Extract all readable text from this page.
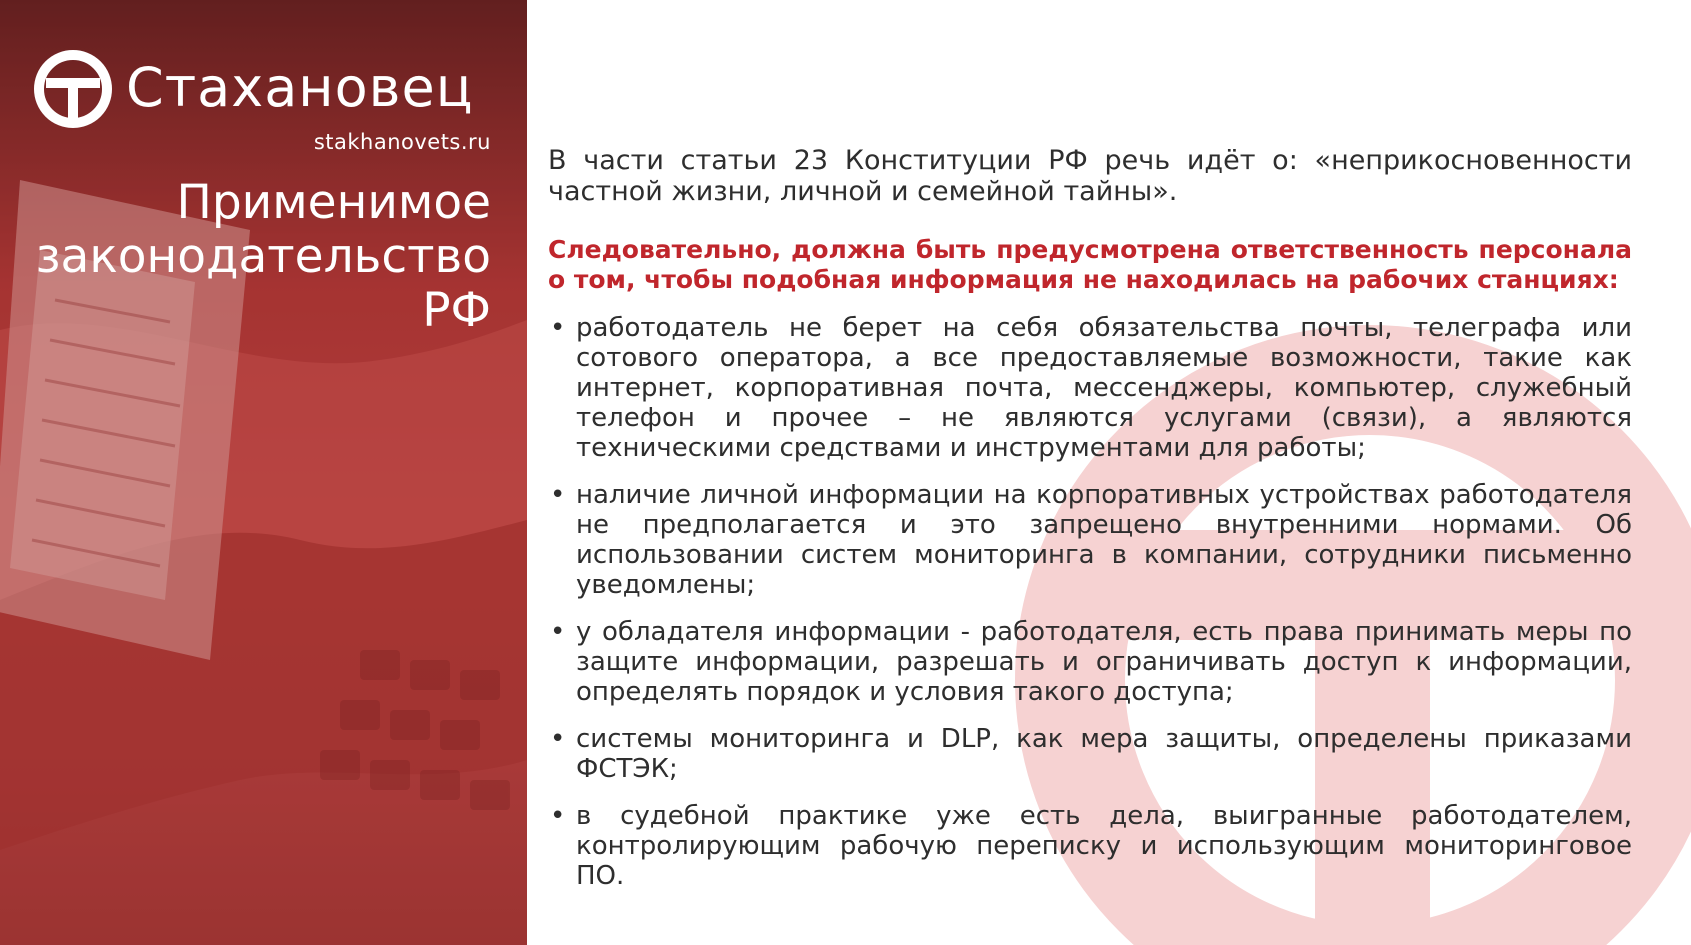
Стахановец
stakhanovets.ru
Применимое
законодательство
РФ

В части статьи 23 Конституции РФ речь идёт о: «неприкосновенности частной жизни, личной и семейной тайны».

Следовательно, должна быть предусмотрена ответственность персонала о том, чтобы подобная информация не находилась на рабочих станциях:

• работодатель не берет на себя обязательства почты, телеграфа или сотового оператора, а все предоставляемые возможности, такие как интернет, корпоративная почта, мессенджеры, компьютер, служебный телефон и прочее – не являются услугами (связи), а являются техническими средствами и инструментами для работы;
• наличие личной информации на корпоративных устройствах работодателя не предполагается и это запрещено внутренними нормами. Об использовании систем мониторинга в компании, сотрудники письменно уведомлены;
• у обладателя информации - работодателя, есть права принимать меры по защите информации, разрешать и ограничивать доступ к информации, определять порядок и условия такого доступа;
• системы мониторинга и DLP, как мера защиты, определены приказами ФСТЭК;
• в судебной практике уже есть дела, выигранные работодателем, контролирующим рабочую переписку и использующим мониторинговое ПО.
